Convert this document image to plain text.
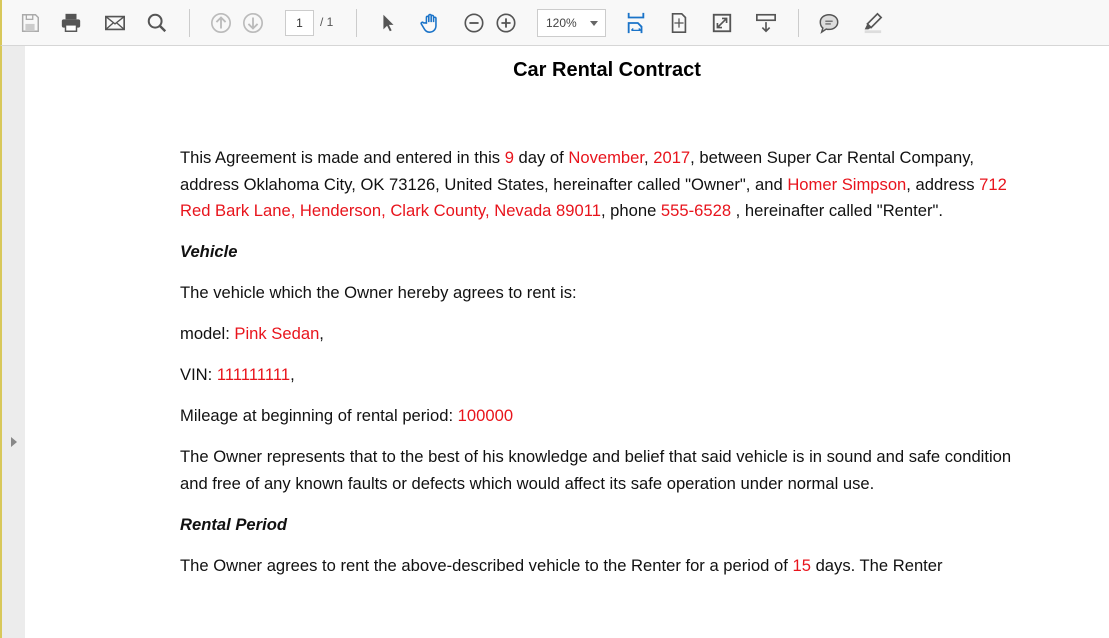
1	/ 1	120%
Car Rental Contract

This Agreement is made and entered in this 9 day of November, 2017, between Super Car Rental Company, address Oklahoma City, OK 73126, United States, hereinafter called "Owner", and Homer Simpson, address 712 Red Bark Lane, Henderson, Clark County, Nevada 89011, phone 555-6528 , hereinafter called "Renter".

Vehicle

The vehicle which the Owner hereby agrees to rent is:

model: Pink Sedan,

VIN: 111111111,

Mileage at beginning of rental period: 100000

The Owner represents that to the best of his knowledge and belief that said vehicle is in sound and safe condition and free of any known faults or defects which would affect its safe operation under normal use.

Rental Period

The Owner agrees to rent the above-described vehicle to the Renter for a period of 15 days. The Renter
